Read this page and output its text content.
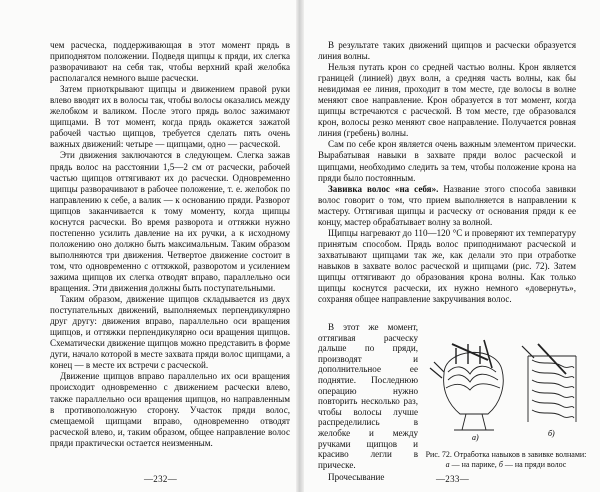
чем расческа, поддерживающая в этот момент прядь в приподнятом положении. Подведя щипцы к пряди, их слегка разворачивают на себя так, чтобы верхний край желобка располагался немного выше расчески.

Затем приоткрывают щипцы и движением правой руки влево вводят их в волосы так, чтобы волосы оказались между желобком и валиком. После этого прядь волос зажимают щипцами. В тот момент, когда прядь окажется зажатой рабочей частью щипцов, требуется сделать пять очень важных движений: четыре — щипцами, одно — расческой.

Эти движения заключаются в следующем. Слегка зажав прядь волос на расстоянии 1,5—2 см от расчески, рабочей частью щипцов оттягивают их до расчески. Одновременно щипцы разворачивают в рабочее положение, т. е. желобок по направлению к себе, а валик — к основанию пряди. Разворот щипцов заканчивается к тому моменту, когда щипцы коснутся расчески. Во время разворота и оттяжки нужно постепенно усилить давление на их ручки, а к исходному положению оно должно быть максимальным. Таким образом выполняются три движения. Четвертое движение состоит в том, что одновременно с оттяжкой, разворотом и усилением зажима щипцов их слегка отводят вправо, параллельно оси вращения. Эти движения должны быть поступательными.

Таким образом, движение щипцов складывается из двух поступательных движений, выполняемых перпендикулярно друг другу: движения вправо, параллельно оси вращения щипцов, и оттяжки перпендикулярно оси вращения щипцов. Схематически движение щипцов можно представить в форме дуги, начало которой в месте захвата пряди волос щипцами, а конец — в месте их встречи с расческой.

Движение щипцов вправо параллельно их оси вращения происходит одновременно с движением расчески влево, также параллельно оси вращения щипцов, но направленным в противоположную сторону. Участок пряди волос, смещаемой щипцами вправо, одновременно отводят расческой влево, и, таким образом, общее направление волос пряди практически остается неизменным.

—232—

В результате таких движений щипцов и расчески образуется линия волны.

Нельзя путать крон со средней частью волны. Крон является границей (линией) двух волн, а средняя часть волны, как бы невидимая ее линия, проходит в том месте, где волосы в волне меняют свое направление. Крон образуется в тот момент, когда щипцы встречаются с расческой. В том месте, где образовался крон, волосы резко меняют свое направление. Получается ровная линия (гребень) волны.

Сам по себе крон является очень важным элементом прически. Вырабатывая навыки в захвате пряди волос расческой и щипцами, необходимо следить за тем, чтобы положение крона на пряди было постоянным.

Завивка волос «на себя». Название этого способа завивки волос говорит о том, что прием выполняется в направлении к мастеру. Оттягивая щипцы и расческу от основания пряди к ее концу, мастер обрабатывает волну за волной.

Щипцы нагревают до 110—120 °С и проверяют их температуру принятым способом. Прядь волос приподнимают расческой и захватывают щипцами так же, как делали это при отработке навыков в захвате волос расческой и щипцами (рис. 72). Затем щипцы оттягивают до образования крона волны. Как только щипцы коснутся расчески, их нужно немного «довернуть», сохраняя общее направление закручивания волос.

В этот же момент, оттягивая расческу дальше по пряди, производят и дополнительное ее поднятие. Последнюю операцию нужно повторить несколько раз, чтобы волосы лучше распределились в желобке и между ручками щипцов и красиво легли в прическе.

Прочесывание

а)	б)
Рис. 72. Отработка навыков в завивке волнами:
а — на парике, б — на пряди волос
—233—
